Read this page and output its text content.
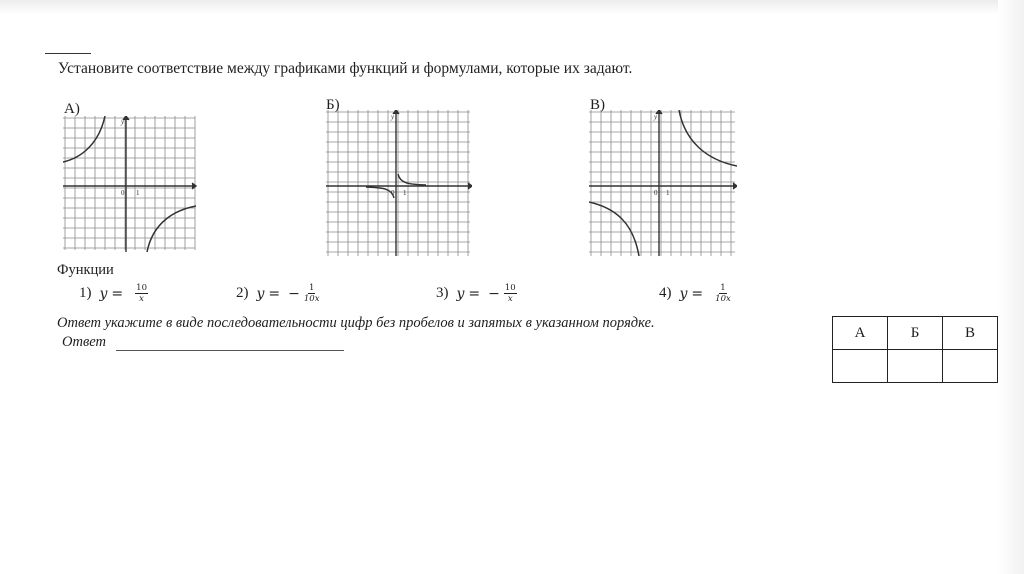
Установите соответствие между графиками функций и формулами, которые их задают.
А)	Б)	В)
y
0 1
y
0 1
y
0 1
Функции
1) $y = \frac{10}{x}$	2) y = − $\frac{1}{10x}$	3) y = − $\frac{10}{x}$	4) $y = \frac{1}{10x}$
Ответ укажите в виде последовательности цифр без пробелов и запятых в указанном порядке.
Ответ
А	Б	В
